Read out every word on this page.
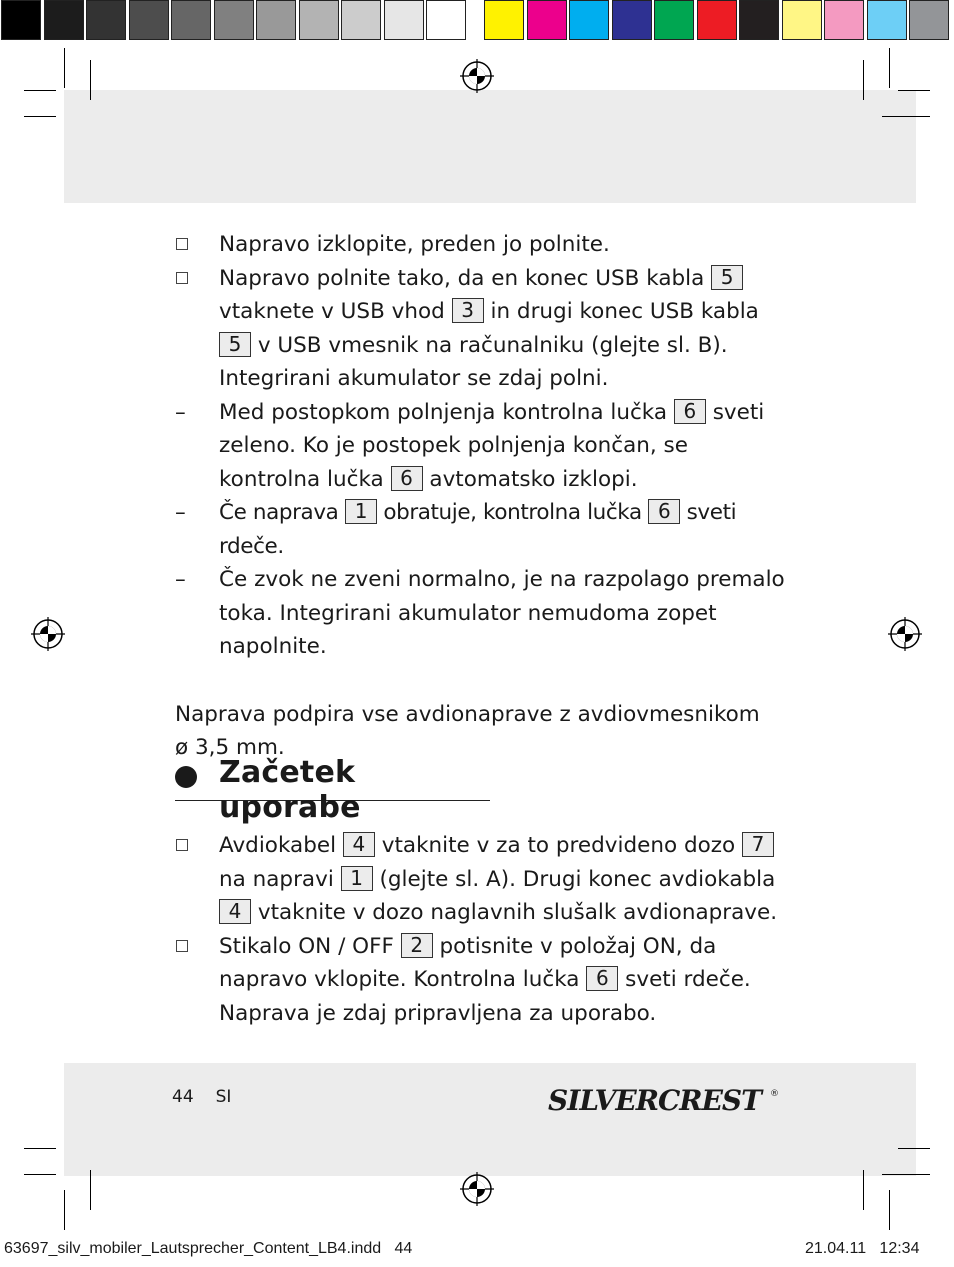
Napravo izklopite, preden jo polnite.
Napravo polnite tako, da en konec USB kabla 5 vtaknete v USB vhod 3 in drugi konec USB kabla 5 v USB vmesnik na računalniku (glejte sl. B). Integrirani akumulator se zdaj polni.
–	Med postopkom polnjenja kontrolna lučka 6 sveti zeleno. Ko je postopek polnjenja končan, se kontrolna lučka 6 avtomatsko izklopi.
–	Če naprava 1 obratuje, kontrolna lučka 6 sveti rdeče.
–	Če zvok ne zveni normalno, je na razpolago premalo toka. Integrirani akumulator nemudoma zopet napolnite.
Naprava podpira vse avdionaprave z avdiovmesnikom ø 3,5 mm.
Začetek uporabe
Avdiokabel 4 vtaknite v za to predvideno dozo 7 na napravi 1 (glejte sl. A). Drugi konec avdiokabla 4 vtaknite v dozo naglavnih slušalk avdionaprave.
Stikalo ON / OFF 2 potisnite v položaj ON, da napravo vklopite. Kontrolna lučka 6 sveti rdeče. Naprava je zdaj pripravljena za uporabo.
44 SI	SILVERCREST	®
63697_silv_mobiler_Lautsprecher_Content_LB4.indd   44	21.04.11   12:34
